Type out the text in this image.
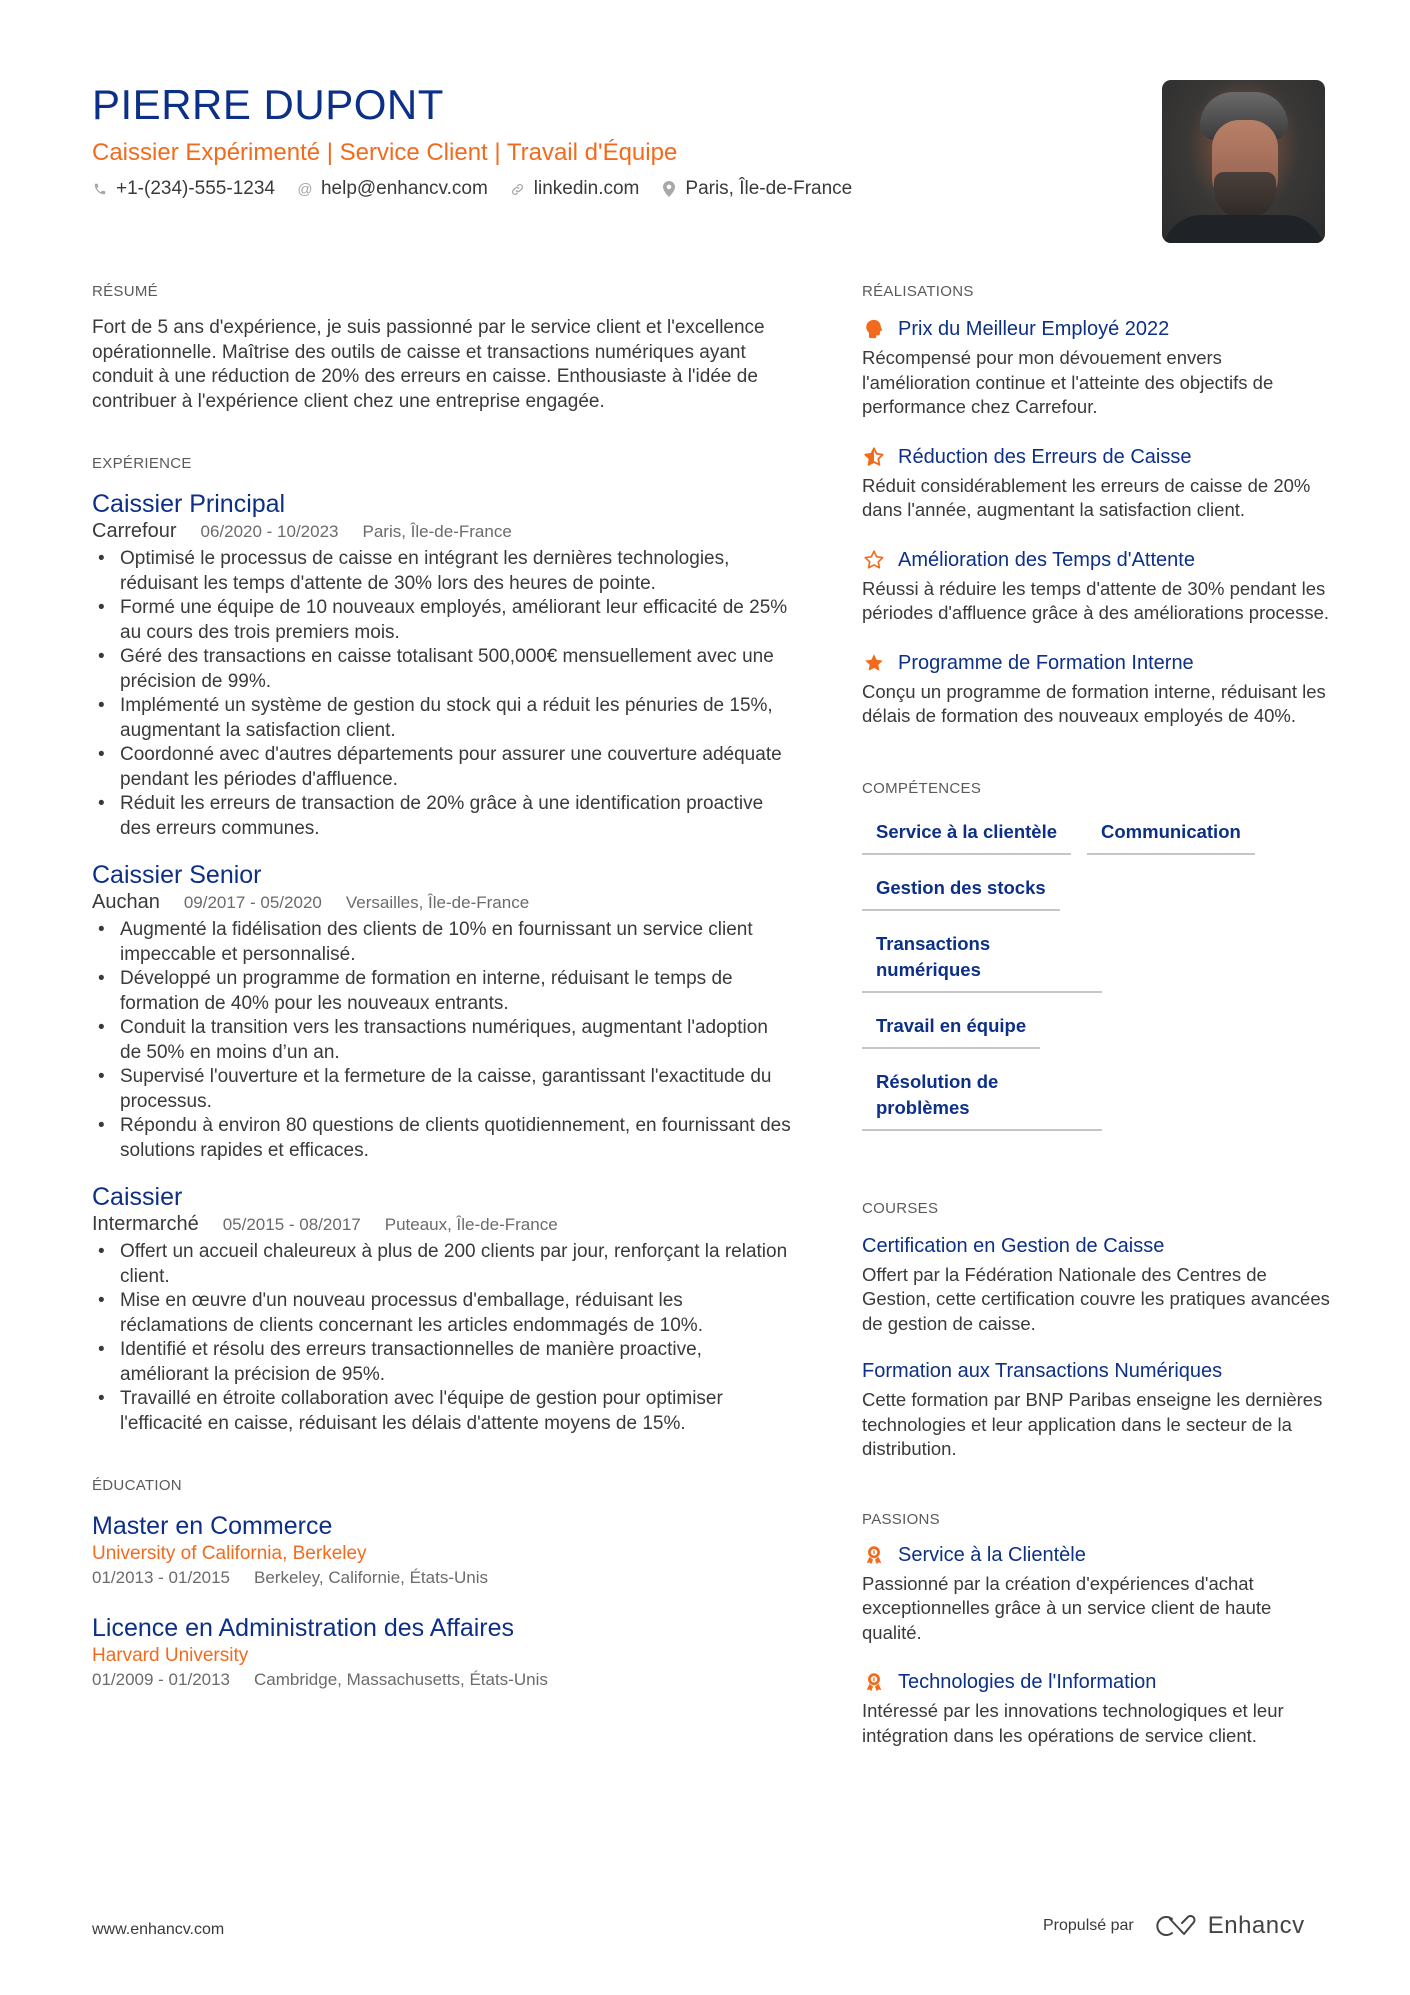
PIERRE DUPONT
Caissier Expérimenté | Service Client | Travail d'Équipe
+1-(234)-555-1234 @ help@enhancv.com linkedin.com Paris, Île-de-France
RÉSUMÉ

Fort de 5 ans d'expérience, je suis passionné par le service client et l'excellence opérationnelle. Maîtrise des outils de caisse et transactions numériques ayant conduit à une réduction de 20% des erreurs en caisse. Enthousiaste à l'idée de contribuer à l'expérience client chez une entreprise engagée.

EXPÉRIENCE
Caissier Principal
Carrefour 06/2020 - 10/2023 Paris, Île-de-France
• Optimisé le processus de caisse en intégrant les dernières technologies, réduisant les temps d'attente de 30% lors des heures de pointe.
• Formé une équipe de 10 nouveaux employés, améliorant leur efficacité de 25% au cours des trois premiers mois.
• Géré des transactions en caisse totalisant 500,000€ mensuellement avec une précision de 99%.
• Implémenté un système de gestion du stock qui a réduit les pénuries de 15%, augmentant la satisfaction client.
• Coordonné avec d'autres départements pour assurer une couverture adéquate pendant les périodes d'affluence.
• Réduit les erreurs de transaction de 20% grâce à une identification proactive des erreurs communes.
Caissier Senior
Auchan 09/2017 - 05/2020 Versailles, Île-de-France
• Augmenté la fidélisation des clients de 10% en fournissant un service client impeccable et personnalisé.
• Développé un programme de formation en interne, réduisant le temps de formation de 40% pour les nouveaux entrants.
• Conduit la transition vers les transactions numériques, augmentant l'adoption de 50% en moins d’un an.
• Supervisé l'ouverture et la fermeture de la caisse, garantissant l'exactitude du processus.
• Répondu à environ 80 questions de clients quotidiennement, en fournissant des solutions rapides et efficaces.
Caissier
Intermarché 05/2015 - 08/2017 Puteaux, Île-de-France
• Offert un accueil chaleureux à plus de 200 clients par jour, renforçant la relation client.
• Mise en œuvre d'un nouveau processus d'emballage, réduisant les réclamations de clients concernant les articles endommagés de 10%.
• Identifié et résolu des erreurs transactionnelles de manière proactive, améliorant la précision de 95%.
• Travaillé en étroite collaboration avec l'équipe de gestion pour optimiser l'efficacité en caisse, réduisant les délais d'attente moyens de 15%.
ÉDUCATION
Master en Commerce
University of California, Berkeley
01/2013 - 01/2015 Berkeley, Californie, États-Unis
Licence en Administration des Affaires
Harvard University
01/2009 - 01/2013 Cambridge, Massachusetts, États-Unis
RÉALISATIONS
Prix du Meilleur Employé 2022
Récompensé pour mon dévouement envers l'amélioration continue et l'atteinte des objectifs de performance chez Carrefour.
Réduction des Erreurs de Caisse
Réduit considérablement les erreurs de caisse de 20% dans l'année, augmentant la satisfaction client.
Amélioration des Temps d'Attente
Réussi à réduire les temps d'attente de 30% pendant les périodes d'affluence grâce à des améliorations processe.
Programme de Formation Interne
Conçu un programme de formation interne, réduisant les délais de formation des nouveaux employés de 40%.
COMPÉTENCES
Service à la clientèle	Communication
Gestion des stocks
Transactions numériques
Travail en équipe
Résolution de problèmes
COURSES
Certification en Gestion de Caisse
Offert par la Fédération Nationale des Centres de Gestion, cette certification couvre les pratiques avancées de gestion de caisse.
Formation aux Transactions Numériques
Cette formation par BNP Paribas enseigne les dernières technologies et leur application dans le secteur de la distribution.
PASSIONS
Service à la Clientèle
Passionné par la création d'expériences d'achat exceptionnelles grâce à un service client de haute qualité.
Technologies de l'Information
Intéressé par les innovations technologiques et leur intégration dans les opérations de service client.
www.enhancv.com	Propulsé par	Enhancv
